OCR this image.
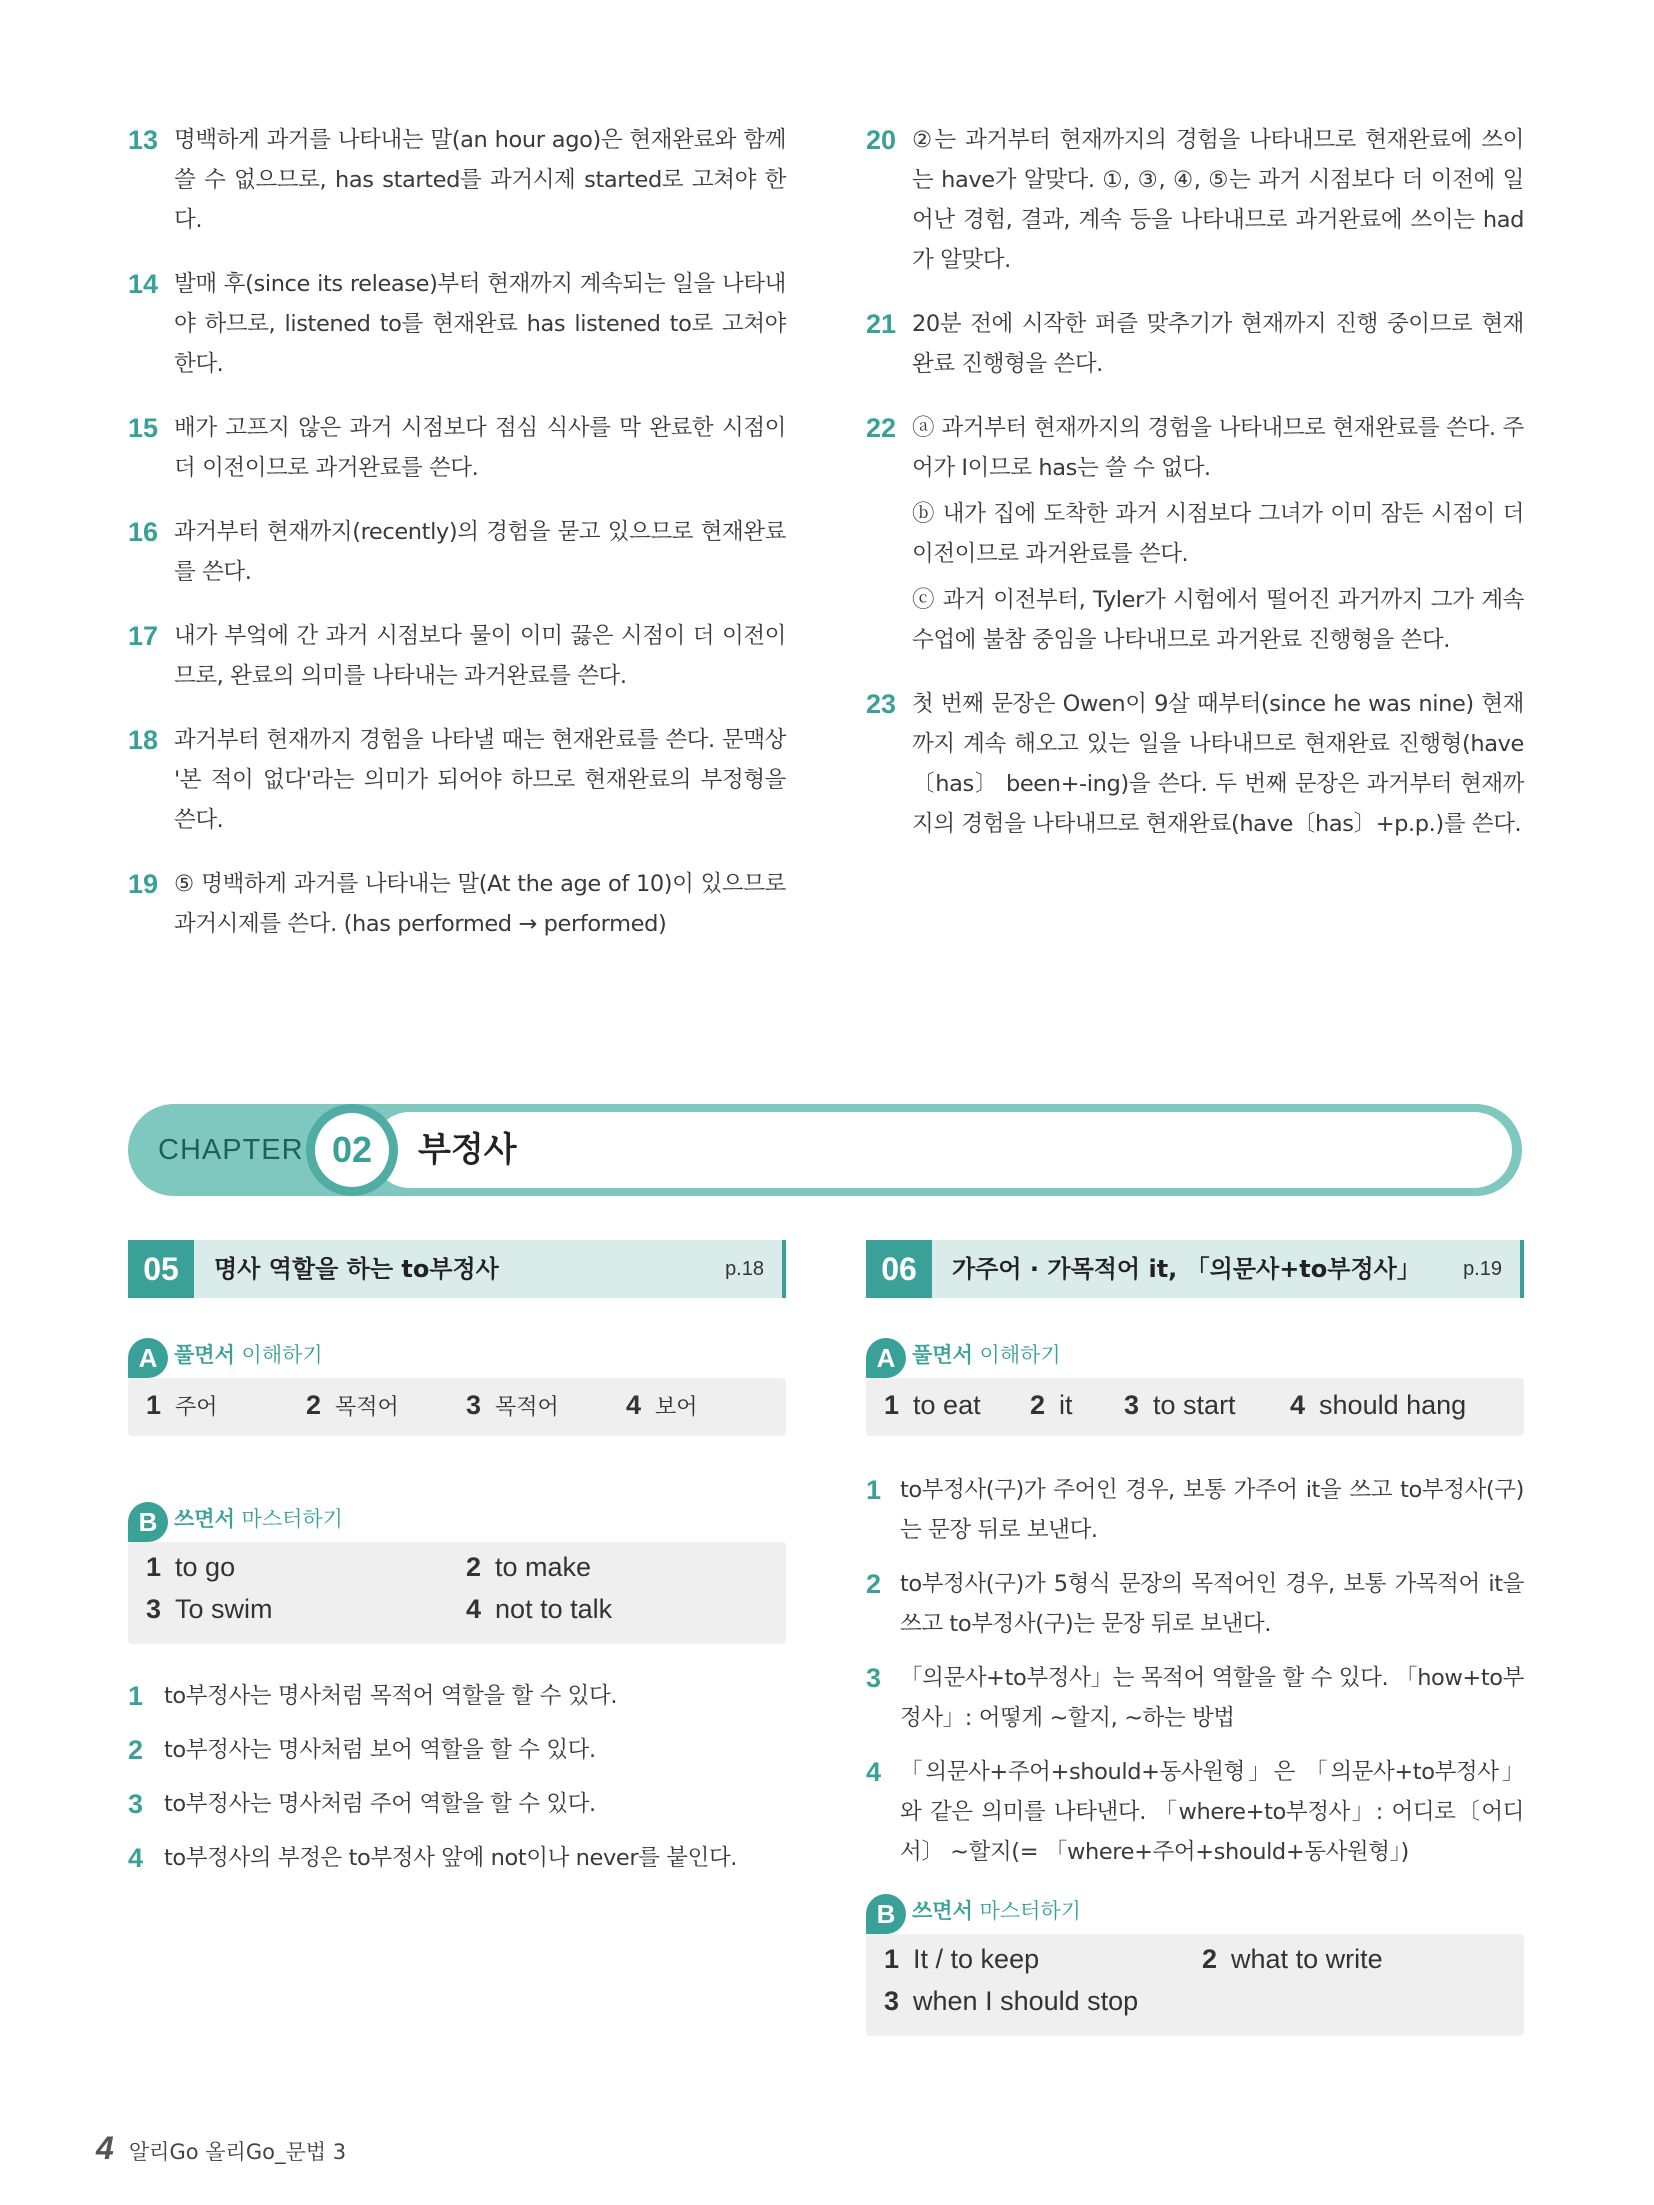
13 명백하게 과거를 나타내는 말(an hour ago)은 현재완료와 함께 쓸 수 없으므로, has started를 과거시제 started로 고쳐야 한다.
14 발매 후(since its release)부터 현재까지 계속되는 일을 나타내야 하므로, listened to를 현재완료 has listened to로 고쳐야 한다.
15 배가 고프지 않은 과거 시점보다 점심 식사를 막 완료한 시점이 더 이전이므로 과거완료를 쓴다.
16 과거부터 현재까지(recently)의 경험을 묻고 있으므로 현재완료를 쓴다.
17 내가 부엌에 간 과거 시점보다 물이 이미 끓은 시점이 더 이전이므로, 완료의 의미를 나타내는 과거완료를 쓴다.
18 과거부터 현재까지 경험을 나타낼 때는 현재완료를 쓴다. 문맥상 '본 적이 없다'라는 의미가 되어야 하므로 현재완료의 부정형을 쓴다.
19 ⑤ 명백하게 과거를 나타내는 말(At the age of 10)이 있으므로 과거시제를 쓴다. (has performed → performed)
20 ②는 과거부터 현재까지의 경험을 나타내므로 현재완료에 쓰이는 have가 알맞다. ①, ③, ④, ⑤는 과거 시점보다 더 이전에 일어난 경험, 결과, 계속 등을 나타내므로 과거완료에 쓰이는 had가 알맞다.
21 20분 전에 시작한 퍼즐 맞추기가 현재까지 진행 중이므로 현재완료 진행형을 쓴다.
22 ⓐ 과거부터 현재까지의 경험을 나타내므로 현재완료를 쓴다. 주어가 I이므로 has는 쓸 수 없다.
ⓑ 내가 집에 도착한 과거 시점보다 그녀가 이미 잠든 시점이 더 이전이므로 과거완료를 쓴다.
ⓒ 과거 이전부터, Tyler가 시험에서 떨어진 과거까지 그가 계속 수업에 불참 중임을 나타내므로 과거완료 진행형을 쓴다.
23 첫 번째 문장은 Owen이 9살 때부터(since he was nine) 현재까지 계속 해오고 있는 일을 나타내므로 현재완료 진행형(have〔has〕 been+-ing)을 쓴다. 두 번째 문장은 과거부터 현재까지의 경험을 나타내므로 현재완료(have〔has〕+p.p.)를 쓴다.
CHAPTER 02	부정사
05	명사 역할을 하는 to부정사	p.18
A 풀면서 이해하기
1 주어	2 목적어 3 목적어 4 보어
B 쓰면서 마스터하기
1 to go	2 to make
3 To swim	4 not to talk
1 to부정사는 명사처럼 목적어 역할을 할 수 있다.
2 to부정사는 명사처럼 보어 역할을 할 수 있다.
3 to부정사는 명사처럼 주어 역할을 할 수 있다.
4 to부정사의 부정은 to부정사 앞에 not이나 never를 붙인다.
06	가주어 · 가목적어 it, 「의문사+to부정사」 p.19
A 풀면서 이해하기
1 to eat 2 it 3 to start 4 should hang
1 to부정사(구)가 주어인 경우, 보통 가주어 it을 쓰고 to부정사(구)는 문장 뒤로 보낸다.
2 to부정사(구)가 5형식 문장의 목적어인 경우, 보통 가목적어 it을 쓰고 to부정사(구)는 문장 뒤로 보낸다.
3 「의문사+to부정사」는 목적어 역할을 할 수 있다. 「how+to부정사」: 어떻게 ~할지, ~하는 방법
4 「의문사+주어+should+동사원형」은 「의문사+to부정사」와 같은 의미를 나타낸다. 「where+to부정사」: 어디로〔어디서〕 ~할지(= 「where+주어+should+동사원형」)
B 쓰면서 마스터하기
1 It / to keep	2 what to write
3 when I should stop
4 알리Go 올리Go_문법 3
